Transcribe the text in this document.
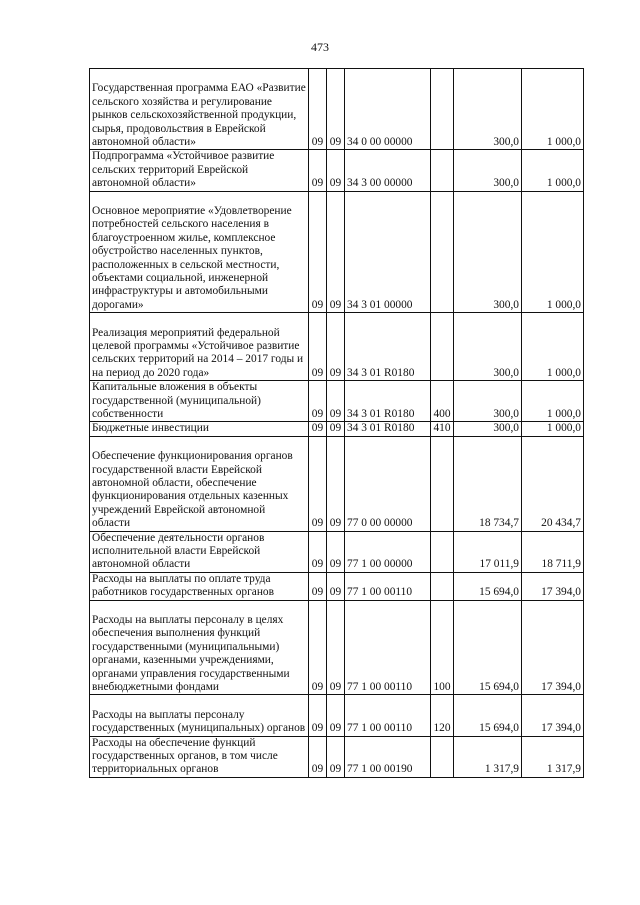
473
Государственная программа ЕАО «Развитие сельского хозяйства и регулирование рынков сельскохозяйственной продукции, сырья, продовольствия в Еврейской автономной области»	09	09	34 0 00 00000		300,0	1 000,0
Подпрограмма «Устойчивое развитие сельских территорий Еврейской автономной области»	09	09	34 3 00 00000		300,0	1 000,0
Основное мероприятие «Удовлетворение потребностей сельского населения в благоустроенном жилье, комплексное обустройство населенных пунктов, расположенных в сельской местности, объектами социальной, инженерной инфраструктуры и автомобильными дорогами»	09	09	34 3 01 00000		300,0	1 000,0
Реализация мероприятий федеральной целевой программы «Устойчивое развитие сельских территорий на 2014 – 2017 годы и на период до 2020 года»	09	09	34 3 01 R0180		300,0	1 000,0
Капитальные вложения в объекты государственной (муниципальной) собственности	09	09	34 3 01 R0180	400	300,0	1 000,0
Бюджетные инвестиции	09	09	34 3 01 R0180	410	300,0	1 000,0
Обеспечение функционирования органов государственной власти Еврейской автономной области, обеспечение функционирования отдельных казенных учреждений Еврейской автономной области	09	09	77 0 00 00000		18 734,7	20 434,7
Обеспечение деятельности органов исполнительной власти Еврейской автономной области	09	09	77 1 00 00000		17 011,9	18 711,9
Расходы на выплаты по оплате труда работников государственных органов	09	09	77 1 00 00110		15 694,0	17 394,0
Расходы на выплаты персоналу в целях обеспечения выполнения функций государственными (муниципальными) органами, казенными учреждениями, органами управления государственными внебюджетными фондами	09	09	77 1 00 00110	100	15 694,0	17 394,0
Расходы на выплаты персоналу государственных (муниципальных) органов	09	09	77 1 00 00110	120	15 694,0	17 394,0
Расходы на обеспечение функций государственных органов, в том числе территориальных органов	09	09	77 1 00 00190		1 317,9	1 317,9
